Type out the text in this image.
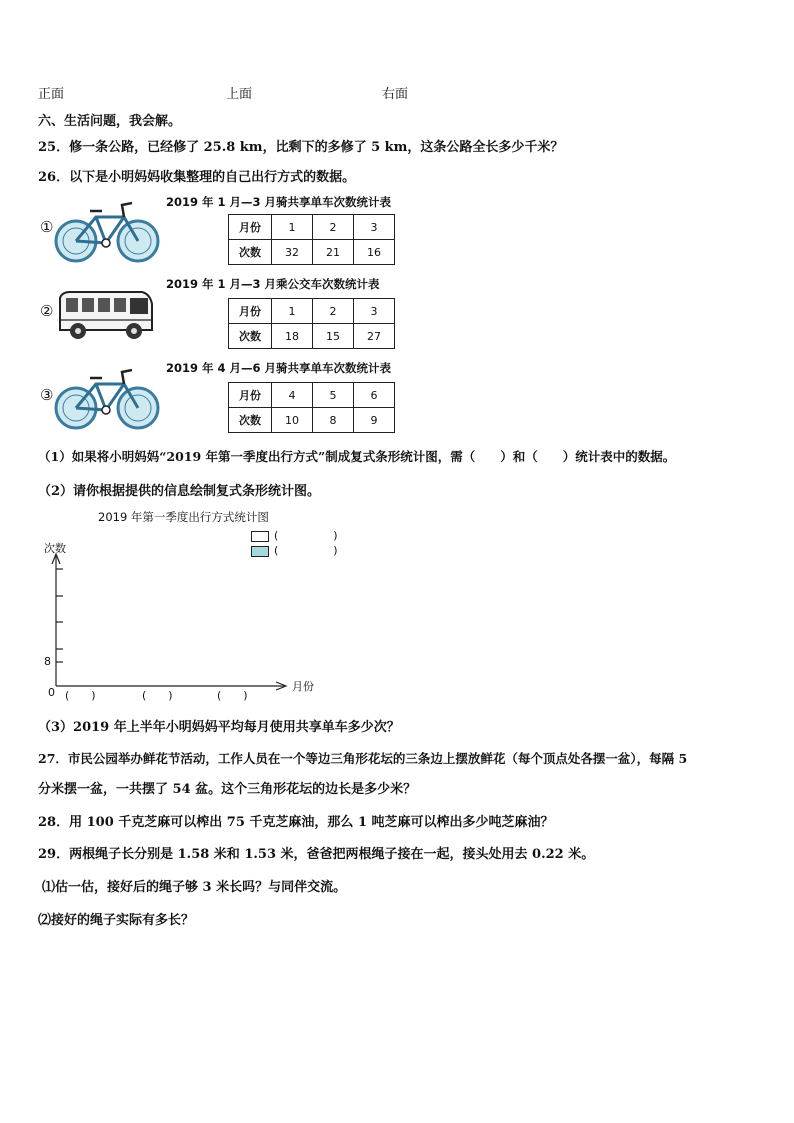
正面	上面	右面
六、生活问题，我会解。
25．修一条公路，已经修了 25.8 km，比剩下的多修了 5 km，这条公路全长多少千米？
26．以下是小明妈妈收集整理的自己出行方式的数据。
①
2019 年 1 月—3 月骑共享单车次数统计表
月份	1	2	3
次数	32	21	16
②
2019 年 1 月—3 月乘公交车次数统计表
月份	1	2	3
次数	18	15	27
③
2019 年 4 月—6 月骑共享单车次数统计表
月份	4	5	6
次数	10	8	9
（1）如果将小明妈妈“2019 年第一季度出行方式”制成复式条形统计图，需（　　）和（　　）统计表中的数据。
（2）请你根据提供的信息绘制复式条形统计图。
2019 年第一季度出行方式统计图
(　　　　　)
(　　　　　)
次数
8
0	月份
(　　)	(　　)	(　　)
（3）2019 年上半年小明妈妈平均每月使用共享单车多少次？
27．市民公园举办鲜花节活动，工作人员在一个等边三角形花坛的三条边上摆放鲜花（每个顶点处各摆一盆），每隔 5
分米摆一盆，一共摆了 54 盆。这个三角形花坛的边长是多少米？
28．用 100 千克芝麻可以榨出 75 千克芝麻油，那么 1 吨芝麻可以榨出多少吨芝麻油？
29．两根绳子长分别是 1.58 米和 1.53 米，爸爸把两根绳子接在一起，接头处用去 0.22 米。
⑴估一估，接好后的绳子够 3 米长吗？与同伴交流。
⑵接好的绳子实际有多长？
